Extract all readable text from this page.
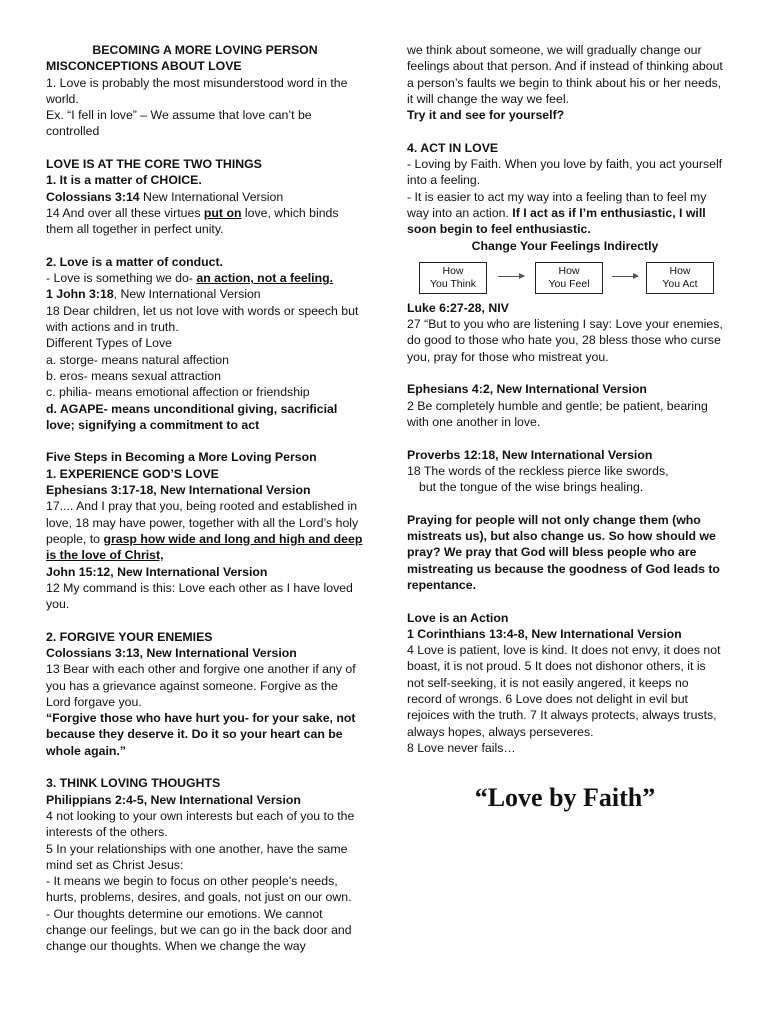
BECOMING A MORE LOVING PERSON

MISCONCEPTIONS ABOUT LOVE

1. Love is probably the most misunderstood word in the world.

Ex. “I fell in love” – We assume that love can’t be controlled

LOVE IS AT THE CORE TWO THINGS

1. It is a matter of CHOICE.

Colossians 3:14 New International Version

14 And over all these virtues put on love, which binds them all together in perfect unity.

2. Love is a matter of conduct.

- Love is something we do- an action, not a feeling.

1 John 3:18, New International Version

18 Dear children, let us not love with words or speech but with actions and in truth.

Different Types of Love

a. storge- means natural affection

b. eros- means sexual attraction

c. philia- means emotional affection or friendship

d. AGAPE- means unconditional giving, sacrificial love; signifying a commitment to act

Five Steps in Becoming a More Loving Person

1. EXPERIENCE GOD’S LOVE

Ephesians 3:17-18, New International Version

17.... And I pray that you, being rooted and established in love, 18 may have power, together with all the Lord’s holy people, to grasp how wide and long and high and deep is the love of Christ,

John 15:12, New International Version

12 My command is this: Love each other as I have loved you.

2. FORGIVE YOUR ENEMIES

Colossians 3:13, New International Version

13 Bear with each other and forgive one another if any of you has a grievance against someone. Forgive as the Lord forgave you.

“Forgive those who have hurt you- for your sake, not because they deserve it. Do it so your heart can be whole again.”

3. THINK LOVING THOUGHTS

Philippians 2:4-5, New International Version

4 not looking to your own interests but each of you to the interests of the others.

5 In your relationships with one another, have the same mind set as Christ Jesus:

- It means we begin to focus on other people’s needs, hurts, problems, desires, and goals, not just on our own.

- Our thoughts determine our emotions. We cannot change our feelings, but we can go in the back door and change our thoughts. When we change the way

we think about someone, we will gradually change our feelings about that person. And if instead of thinking about a person’s faults we begin to think about his or her needs, it will change the way we feel.

Try it and see for yourself?

4. ACT IN LOVE

- Loving by Faith. When you love by faith, you act yourself into a feeling.

- It is easier to act my way into a feeling than to feel my way into an action. If I act as if I’m enthusiastic, I will soon begin to feel enthusiastic.

Change Your Feelings Indirectly

How
You Think
How
You Feel
How
You Act

Luke 6:27-28, NIV

27 “But to you who are listening I say: Love your enemies, do good to those who hate you, 28 bless those who curse you, pray for those who mistreat you.

Ephesians 4:2, New International Version

2 Be completely humble and gentle; be patient, bearing with one another in love.

Proverbs 12:18, New International Version

18 The words of the reckless pierce like swords,

but the tongue of the wise brings healing.

Praying for people will not only change them (who mistreats us), but also change us. So how should we pray? We pray that God will bless people who are mistreating us because the goodness of God leads to repentance.

Love is an Action

1 Corinthians 13:4-8, New International Version

4 Love is patient, love is kind. It does not envy, it does not boast, it is not proud. 5 It does not dishonor others, it is not self-seeking, it is not easily angered, it keeps no record of wrongs. 6 Love does not delight in evil but rejoices with the truth. 7 It always protects, always trusts, always hopes, always perseveres.

8 Love never fails…

“Love by Faith”
